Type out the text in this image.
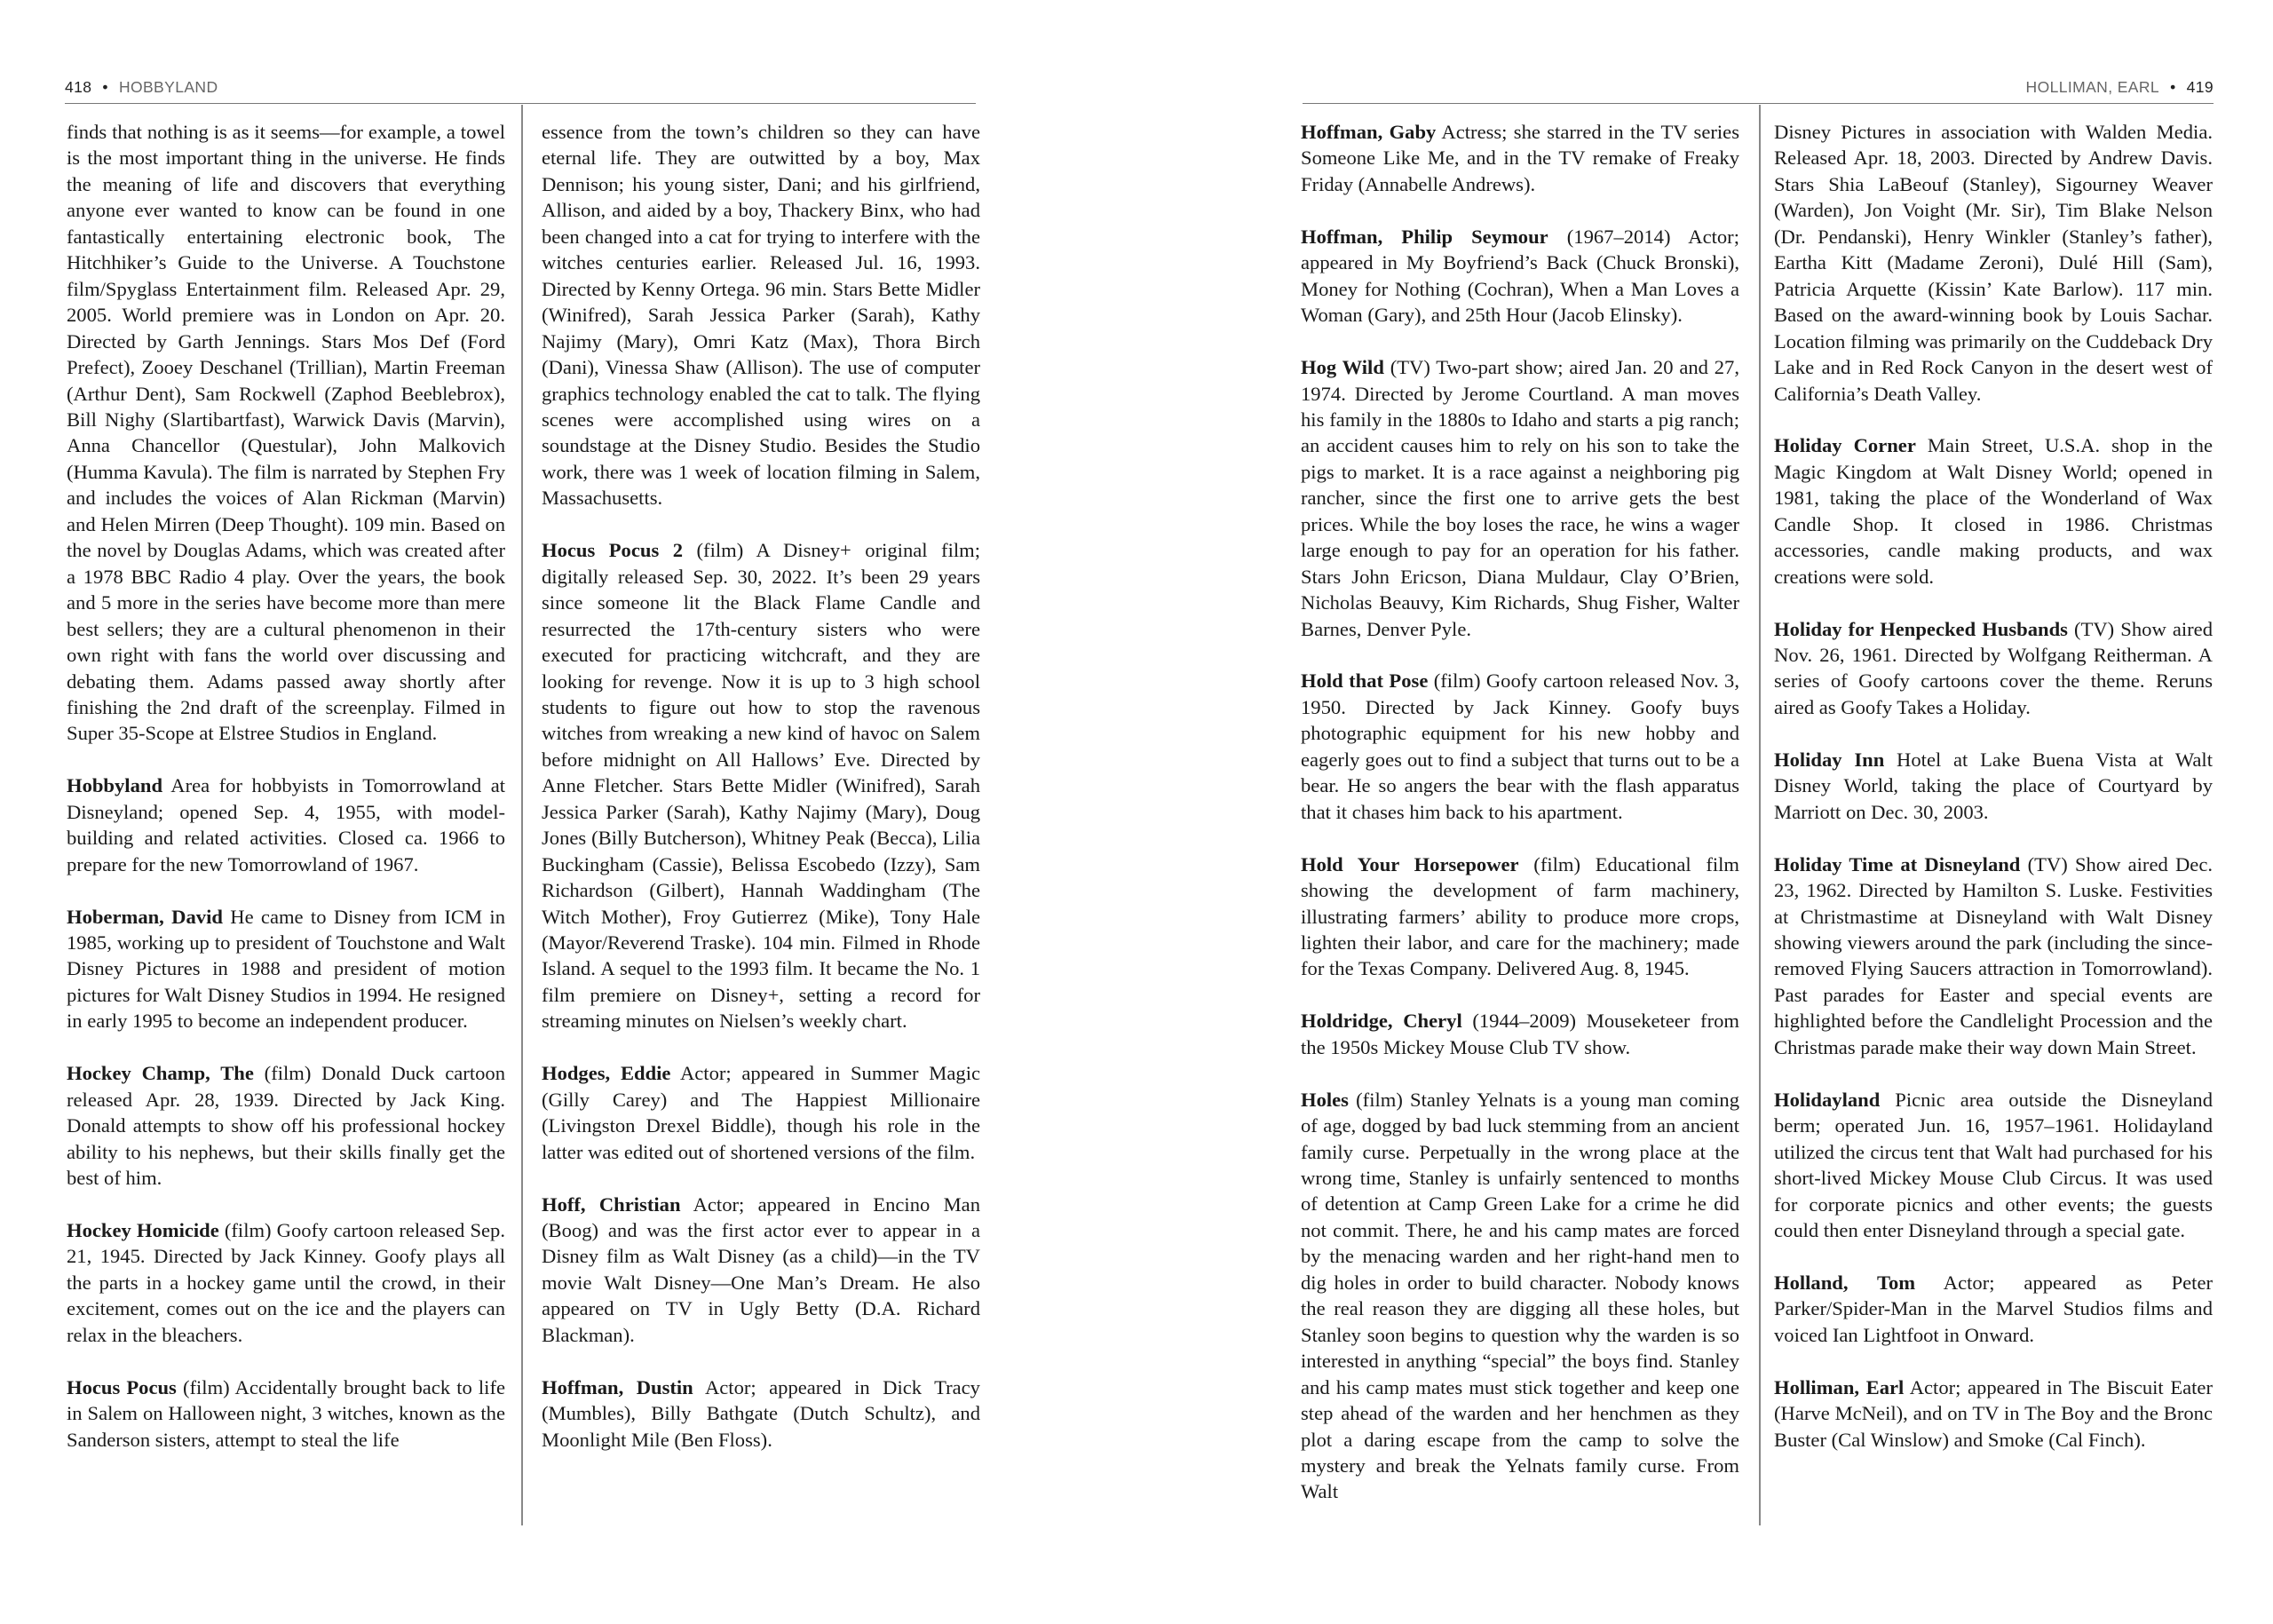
418 • HOBBYLAND

finds that nothing is as it seems—for example, a towel is the most important thing in the universe. He finds the meaning of life and discovers that everything anyone ever wanted to know can be found in one fantastically entertaining electronic book, The Hitchhiker’s Guide to the Universe. A Touchstone film/Spyglass Entertainment film. Released Apr. 29, 2005. World premiere was in London on Apr. 20. Directed by Garth Jennings. Stars Mos Def (Ford Prefect), Zooey Deschanel (Trillian), Martin Freeman (Arthur Dent), Sam Rockwell (Zaphod Beeblebrox), Bill Nighy (Slartibartfast), Warwick Davis (Marvin), Anna Chancellor (Questular), John Malkovich (Humma Kavula). The film is narrated by Stephen Fry and includes the voices of Alan Rickman (Marvin) and Helen Mirren (Deep Thought). 109 min. Based on the novel by Douglas Adams, which was created after a 1978 BBC Radio 4 play. Over the years, the book and 5 more in the series have become more than mere best sellers; they are a cultural phenomenon in their own right with fans the world over discussing and debating them. Adams passed away shortly after finishing the 2nd draft of the screenplay. Filmed in Super 35-Scope at Elstree Studios in England.

Hobbyland Area for hobbyists in Tomorrowland at Disneyland; opened Sep. 4, 1955, with model-building and related activities. Closed ca. 1966 to prepare for the new Tomorrowland of 1967.

Hoberman, David He came to Disney from ICM in 1985, working up to president of Touchstone and Walt Disney Pictures in 1988 and president of motion pictures for Walt Disney Studios in 1994. He resigned in early 1995 to become an independent producer.

Hockey Champ, The (film) Donald Duck cartoon released Apr. 28, 1939. Directed by Jack King. Donald attempts to show off his professional hockey ability to his nephews, but their skills finally get the best of him.

Hockey Homicide (film) Goofy cartoon released Sep. 21, 1945. Directed by Jack Kinney. Goofy plays all the parts in a hockey game until the crowd, in their excitement, comes out on the ice and the players can relax in the bleachers.

Hocus Pocus (film) Accidentally brought back to life in Salem on Halloween night, 3 witches, known as the Sanderson sisters, attempt to steal the life

essence from the town’s children so they can have eternal life. They are outwitted by a boy, Max Dennison; his young sister, Dani; and his girlfriend, Allison, and aided by a boy, Thackery Binx, who had been changed into a cat for trying to interfere with the witches centuries earlier. Released Jul. 16, 1993. Directed by Kenny Ortega. 96 min. Stars Bette Midler (Winifred), Sarah Jessica Parker (Sarah), Kathy Najimy (Mary), Omri Katz (Max), Thora Birch (Dani), Vinessa Shaw (Allison). The use of computer graphics technology enabled the cat to talk. The flying scenes were accomplished using wires on a soundstage at the Disney Studio. Besides the Studio work, there was 1 week of location filming in Salem, Massachusetts.

Hocus Pocus 2 (film) A Disney+ original film; digitally released Sep. 30, 2022. It’s been 29 years since someone lit the Black Flame Candle and resurrected the 17th-century sisters who were executed for practicing witchcraft, and they are looking for revenge. Now it is up to 3 high school students to figure out how to stop the ravenous witches from wreaking a new kind of havoc on Salem before midnight on All Hallows’ Eve. Directed by Anne Fletcher. Stars Bette Midler (Winifred), Sarah Jessica Parker (Sarah), Kathy Najimy (Mary), Doug Jones (Billy Butcherson), Whitney Peak (Becca), Lilia Buckingham (Cassie), Belissa Escobedo (Izzy), Sam Richardson (Gilbert), Hannah Waddingham (The Witch Mother), Froy Gutierrez (Mike), Tony Hale (Mayor/Reverend Traske). 104 min. Filmed in Rhode Island. A sequel to the 1993 film. It became the No. 1 film premiere on Disney+, setting a record for streaming minutes on Nielsen’s weekly chart.

Hodges, Eddie Actor; appeared in Summer Magic (Gilly Carey) and The Happiest Millionaire (Livingston Drexel Biddle), though his role in the latter was edited out of shortened versions of the film.

Hoff, Christian Actor; appeared in Encino Man (Boog) and was the first actor ever to appear in a Disney film as Walt Disney (as a child)—in the TV movie Walt Disney—One Man’s Dream. He also appeared on TV in Ugly Betty (D.A. Richard Blackman).

Hoffman, Dustin Actor; appeared in Dick Tracy (Mumbles), Billy Bathgate (Dutch Schultz), and Moonlight Mile (Ben Floss).

HOLLIMAN, EARL • 419

Hoffman, Gaby Actress; she starred in the TV series Someone Like Me, and in the TV remake of Freaky Friday (Annabelle Andrews).

Hoffman, Philip Seymour (1967–2014) Actor; appeared in My Boyfriend’s Back (Chuck Bronski), Money for Nothing (Cochran), When a Man Loves a Woman (Gary), and 25th Hour (Jacob Elinsky).

Hog Wild (TV) Two-part show; aired Jan. 20 and 27, 1974. Directed by Jerome Courtland. A man moves his family in the 1880s to Idaho and starts a pig ranch; an accident causes him to rely on his son to take the pigs to market. It is a race against a neighboring pig rancher, since the first one to arrive gets the best prices. While the boy loses the race, he wins a wager large enough to pay for an operation for his father. Stars John Ericson, Diana Muldaur, Clay O’Brien, Nicholas Beauvy, Kim Richards, Shug Fisher, Walter Barnes, Denver Pyle.

Hold that Pose (film) Goofy cartoon released Nov. 3, 1950. Directed by Jack Kinney. Goofy buys photographic equipment for his new hobby and eagerly goes out to find a subject that turns out to be a bear. He so angers the bear with the flash apparatus that it chases him back to his apartment.

Hold Your Horsepower (film) Educational film showing the development of farm machinery, illustrating farmers’ ability to produce more crops, lighten their labor, and care for the machinery; made for the Texas Company. Delivered Aug. 8, 1945.

Holdridge, Cheryl (1944–2009) Mouseketeer from the 1950s Mickey Mouse Club TV show.

Holes (film) Stanley Yelnats is a young man coming of age, dogged by bad luck stemming from an ancient family curse. Perpetually in the wrong place at the wrong time, Stanley is unfairly sentenced to months of detention at Camp Green Lake for a crime he did not commit. There, he and his camp mates are forced by the menacing warden and her right-hand men to dig holes in order to build character. Nobody knows the real reason they are digging all these holes, but Stanley soon begins to question why the warden is so interested in anything “special” the boys find. Stanley and his camp mates must stick together and keep one step ahead of the warden and her henchmen as they plot a daring escape from the camp to solve the mystery and break the Yelnats family curse. From Walt

Disney Pictures in association with Walden Media. Released Apr. 18, 2003. Directed by Andrew Davis. Stars Shia LaBeouf (Stanley), Sigourney Weaver (Warden), Jon Voight (Mr. Sir), Tim Blake Nelson (Dr. Pendanski), Henry Winkler (Stanley’s father), Eartha Kitt (Madame Zeroni), Dulé Hill (Sam), Patricia Arquette (Kissin’ Kate Barlow). 117 min. Based on the award-winning book by Louis Sachar. Location filming was primarily on the Cuddeback Dry Lake and in Red Rock Canyon in the desert west of California’s Death Valley.

Holiday Corner Main Street, U.S.A. shop in the Magic Kingdom at Walt Disney World; opened in 1981, taking the place of the Wonderland of Wax Candle Shop. It closed in 1986. Christmas accessories, candle making products, and wax creations were sold.

Holiday for Henpecked Husbands (TV) Show aired Nov. 26, 1961. Directed by Wolfgang Reitherman. A series of Goofy cartoons cover the theme. Reruns aired as Goofy Takes a Holiday.

Holiday Inn Hotel at Lake Buena Vista at Walt Disney World, taking the place of Courtyard by Marriott on Dec. 30, 2003.

Holiday Time at Disneyland (TV) Show aired Dec. 23, 1962. Directed by Hamilton S. Luske. Festivities at Christmastime at Disneyland with Walt Disney showing viewers around the park (including the since-removed Flying Saucers attraction in Tomorrowland). Past parades for Easter and special events are highlighted before the Candlelight Procession and the Christmas parade make their way down Main Street.

Holidayland Picnic area outside the Disneyland berm; operated Jun. 16, 1957–1961. Holidayland utilized the circus tent that Walt had purchased for his short-lived Mickey Mouse Club Circus. It was used for corporate picnics and other events; the guests could then enter Disneyland through a special gate.

Holland, Tom Actor; appeared as Peter Parker/Spider-Man in the Marvel Studios films and voiced Ian Lightfoot in Onward.

Holliman, Earl Actor; appeared in The Biscuit Eater (Harve McNeil), and on TV in The Boy and the Bronc Buster (Cal Winslow) and Smoke (Cal Finch).
